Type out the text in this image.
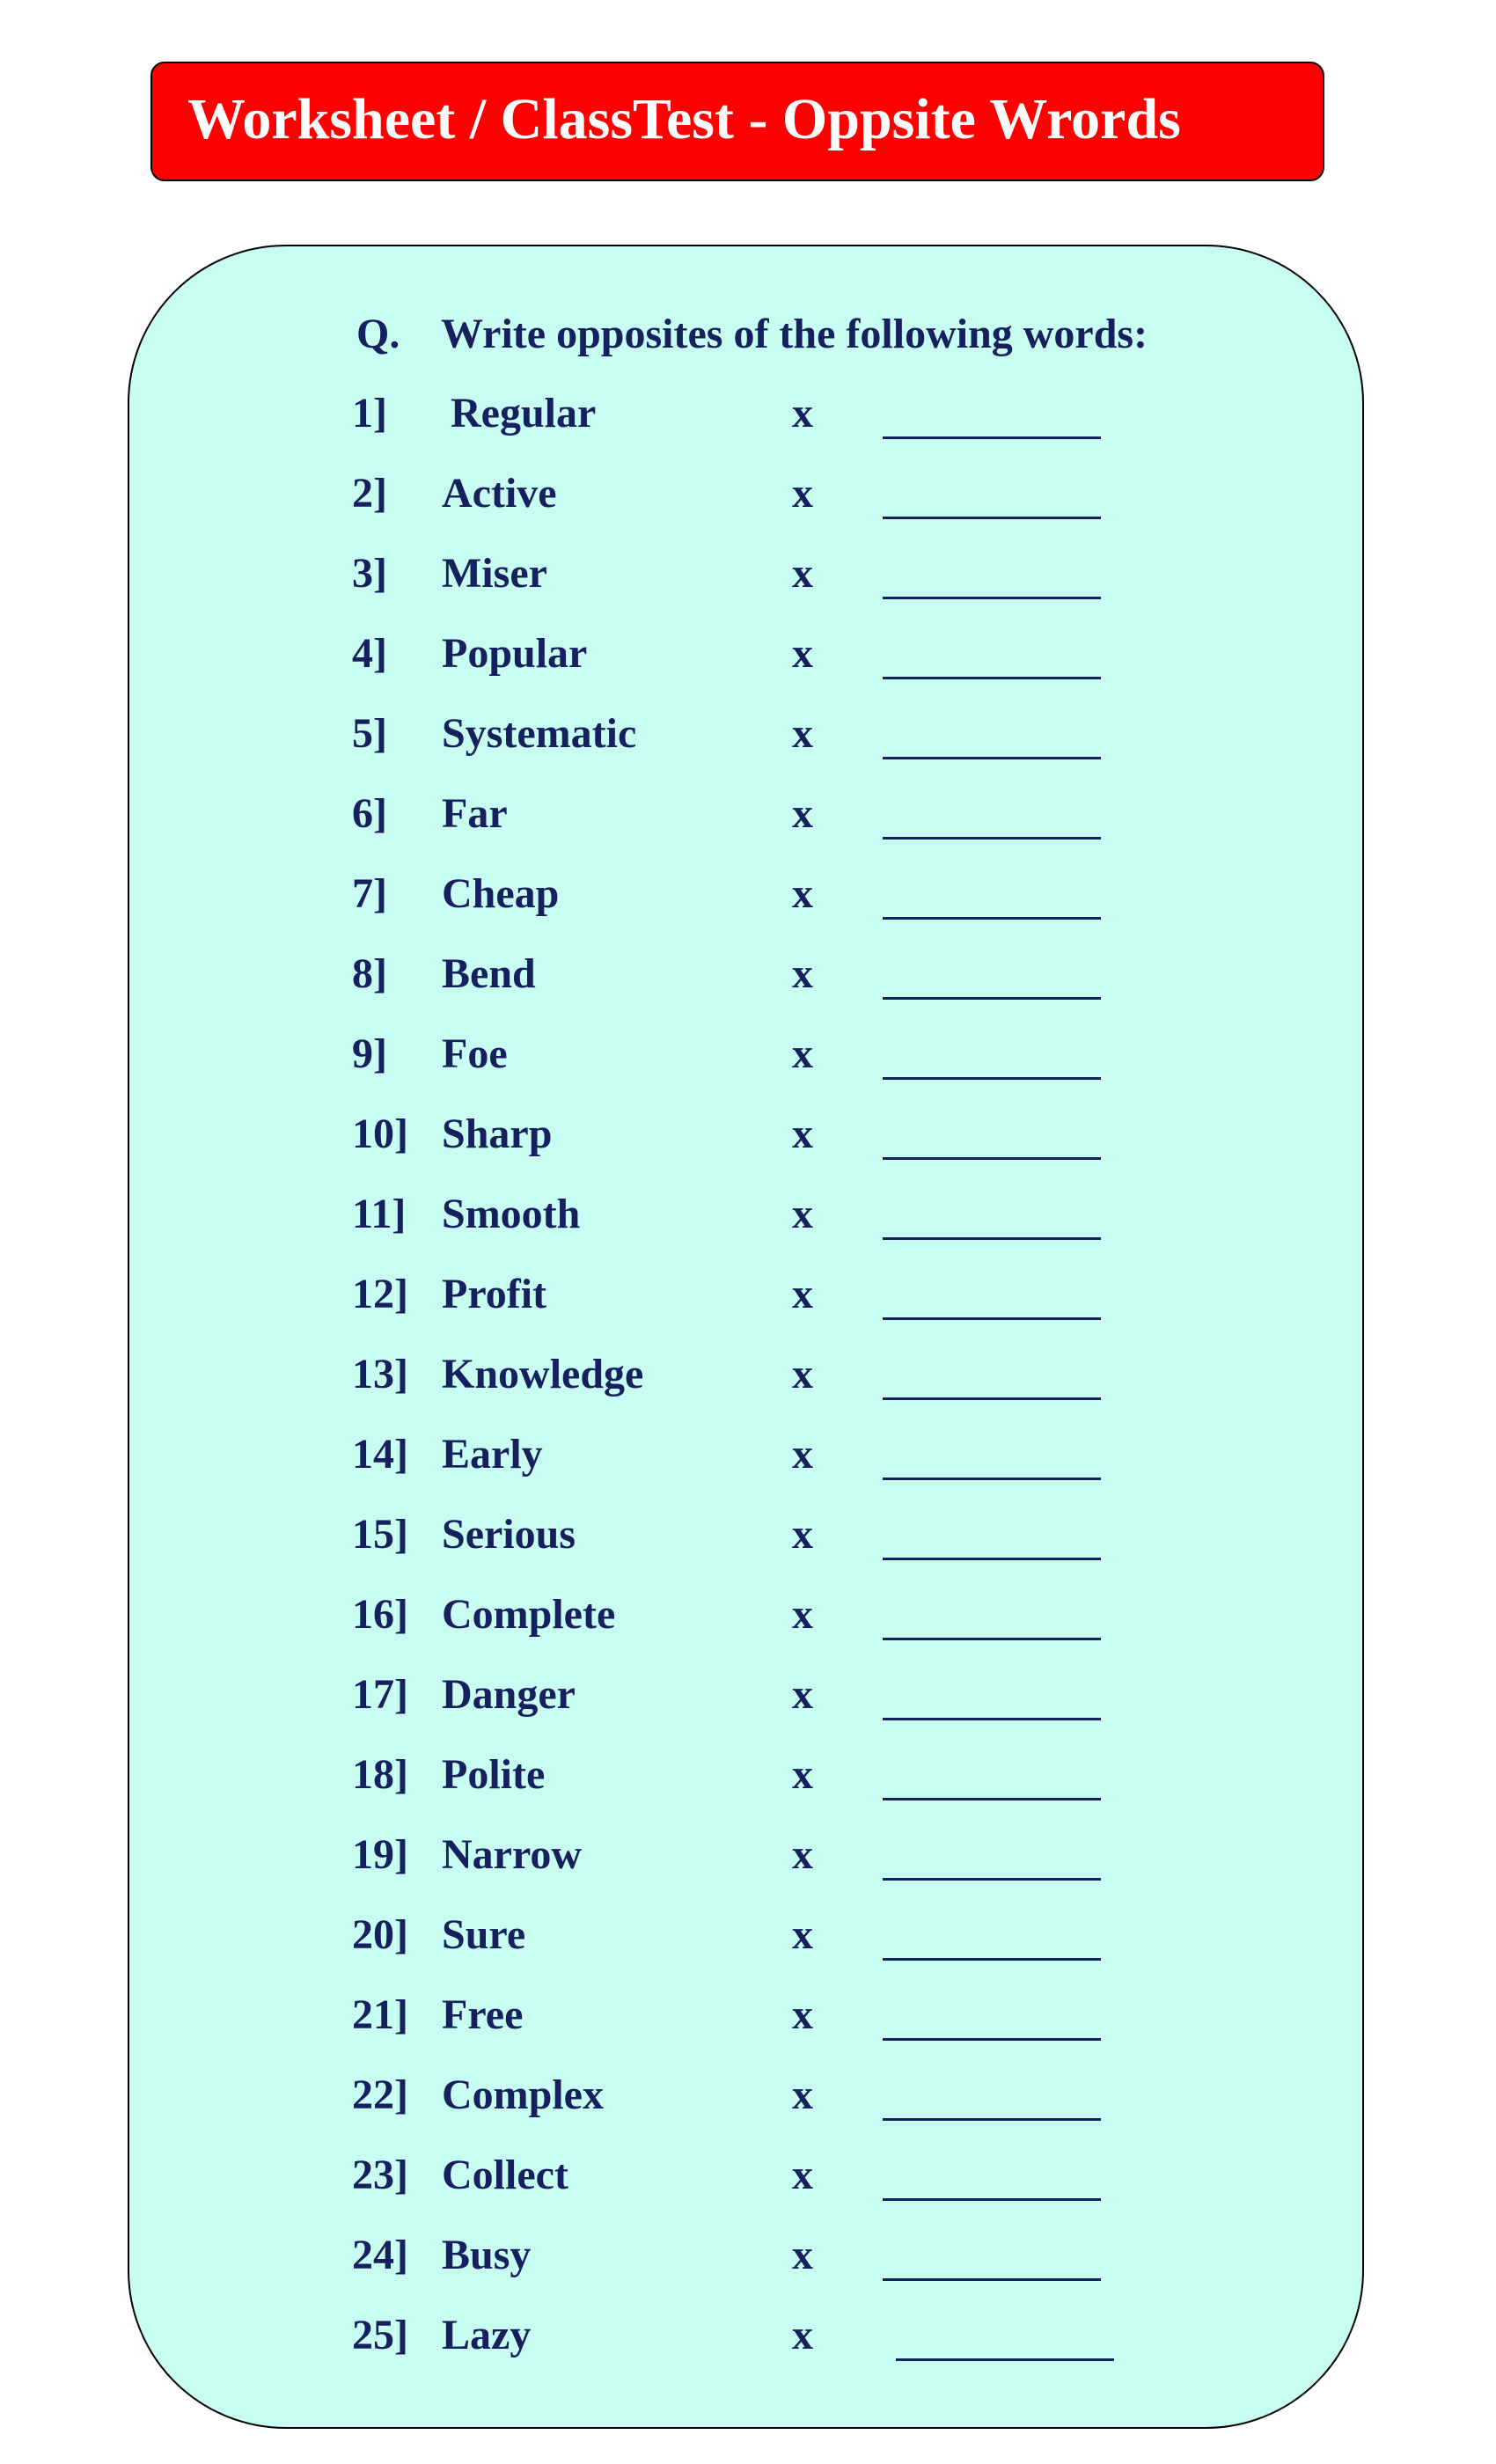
Worksheet / ClassTest - Oppsite Wrords
Q. Write opposites of the following words:
1] Regular	x
2] Active	x
3] Miser	x
4] Popular	x
5] Systematic	x
6] Far	x
7] Cheap	x
8] Bend	x
9] Foe	x
10] Sharp	x
11] Smooth	x
12] Profit	x
13] Knowledge	x
14] Early	x
15] Serious	x
16] Complete	x
17] Danger	x
18] Polite	x
19] Narrow	x
20] Sure	x
21] Free	x
22] Complex	x
23] Collect	x
24] Busy	x
25] Lazy	x
